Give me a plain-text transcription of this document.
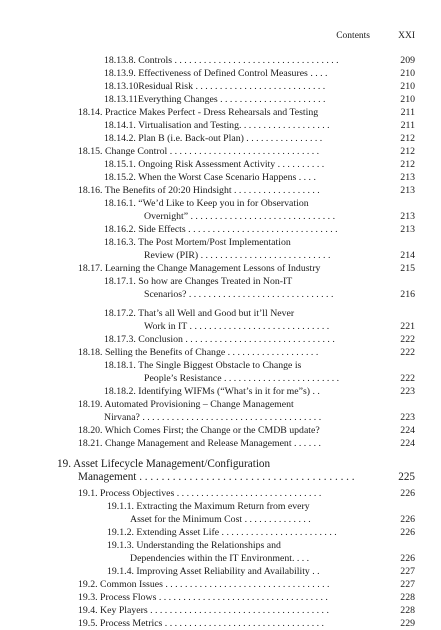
Contents	XXI
18.13.8. Controls . . . . . . . . . . . . . . . . . . . . . . . . . . . . . . . . . .	209
18.13.9. Effectiveness of Defined Control Measures . . . .	210
18.13.10Residual Risk . . . . . . . . . . . . . . . . . . . . . . . . . . .	210
18.13.11Everything Changes . . . . . . . . . . . . . . . . . . . . . .	210
18.14. Practice Makes Perfect - Dress Rehearsals and Testing	211
18.14.1. Virtualisation and Testing. . . . . . . . . . . . . . . . . . .	211
18.14.2. Plan B (i.e. Back-out Plan) . . . . . . . . . . . . . . . .	212
18.15. Change Control . . . . . . . . . . . . . . . . . . . . . . . . . . . . . . .	212
18.15.1. Ongoing Risk Assessment Activity . . . . . . . . . .	212
18.15.2. When the Worst Case Scenario Happens . . . .	213
18.16. The Benefits of 20:20 Hindsight . . . . . . . . . . . . . . . . . .	213
18.16.1. “We’d Like to Keep you in for Observation
Overnight” . . . . . . . . . . . . . . . . . . . . . . . . . . . . . .	213
18.16.2. Side Effects . . . . . . . . . . . . . . . . . . . . . . . . . . . . . . .	213
18.16.3. The Post Mortem/Post Implementation
Review (PIR) . . . . . . . . . . . . . . . . . . . . . . . . . . .	214
18.17. Learning the Change Management Lessons of Industry	215
18.17.1. So how are Changes Treated in Non-IT
Scenarios? . . . . . . . . . . . . . . . . . . . . . . . . . . . . . .	216
18.17.2. That’s all Well and Good but it’ll Never
Work in IT . . . . . . . . . . . . . . . . . . . . . . . . . . . . .	221
18.17.3. Conclusion . . . . . . . . . . . . . . . . . . . . . . . . . . . . . . .	222
18.18. Selling the Benefits of Change . . . . . . . . . . . . . . . . . . .	222
18.18.1. The Single Biggest Obstacle to Change is
People’s Resistance . . . . . . . . . . . . . . . . . . . . . . . .	222
18.18.2. Identifying WIFMs (“What’s in it for me”s) . .	223
18.19. Automated Provisioning – Change Management
Nirvana? . . . . . . . . . . . . . . . . . . . . . . . . . . . . . . . . . . . . .	223
18.20. Which Comes First; the Change or the CMDB update?	224
18.21. Change Management and Release Management . . . . . .	224
19. Asset Lifecycle Management/Configuration
Management . . . . . . . . . . . . . . . . . . . . . . . . . . . . . . . . . . . . . . .	225
19.1. Process Objectives . . . . . . . . . . . . . . . . . . . . . . . . . . . . . .	226
19.1.1. Extracting the Maximum Return from every
Asset for the Minimum Cost . . . . . . . . . . . . . .	226
19.1.2. Extending Asset Life . . . . . . . . . . . . . . . . . . . . . . . .	226
19.1.3. Understanding the Relationships and
Dependencies within the IT Environment. . . .	226
19.1.4. Improving Asset Reliability and Availability . .	227
19.2. Common Issues . . . . . . . . . . . . . . . . . . . . . . . . . . . . . . . . . .	227
19.3. Process Flows . . . . . . . . . . . . . . . . . . . . . . . . . . . . . . . . . . .	228
19.4. Key Players . . . . . . . . . . . . . . . . . . . . . . . . . . . . . . . . . . . . .	228
19.5. Process Metrics . . . . . . . . . . . . . . . . . . . . . . . . . . . . . . . . .	229
